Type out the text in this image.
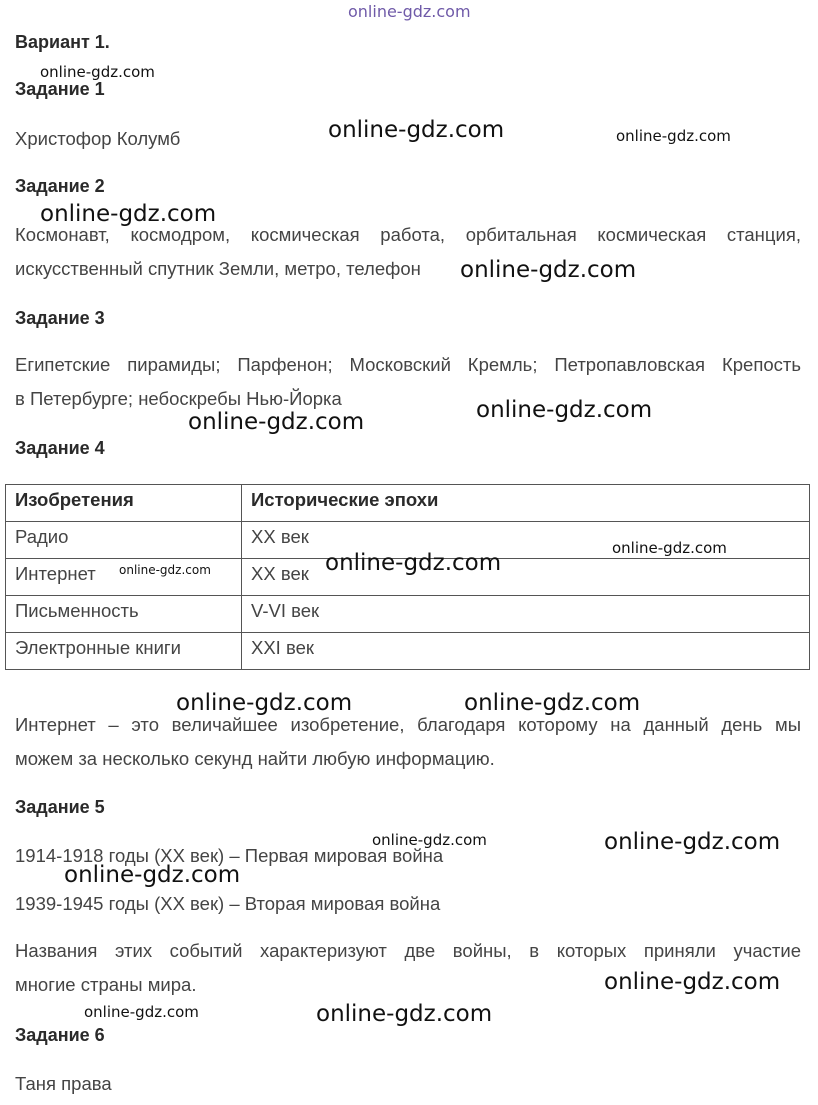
online-gdz.com
Вариант 1.
Задание 1
Христофор Колумб
Задание 2
Космонавт, космодром, космическая работа, орбитальная космическая станция,
искусственный спутник Земли, метро, телефон
Задание 3
Египетские пирамиды; Парфенон; Московский Кремль; Петропавловская Крепость
в Петербурге; небоскребы Нью-Йорка
Задание 4
Изобретения	Исторические эпохи
Радио	XX век
Интернет	XX век
Письменность	V-VI век
Электронные книги	XXI век
Интернет – это величайшее изобретение, благодаря которому на данный день мы
можем за несколько секунд найти любую информацию.
Задание 5
1914-1918 годы (XX век) – Первая мировая война
1939-1945 годы (XX век) – Вторая мировая война
Названия этих событий характеризуют две войны, в которых приняли участие
многие страны мира.
Задание 6
Таня права
online-gdz.com
online-gdz.com	online-gdz.com
online-gdz.com
online-gdz.com
online-gdz.com
online-gdz.com
online-gdz.com
online-gdz.com
online-gdz.com
online-gdz.com	online-gdz.com
online-gdz.com	online-gdz.com
online-gdz.com
online-gdz.com
online-gdz.com	online-gdz.com
